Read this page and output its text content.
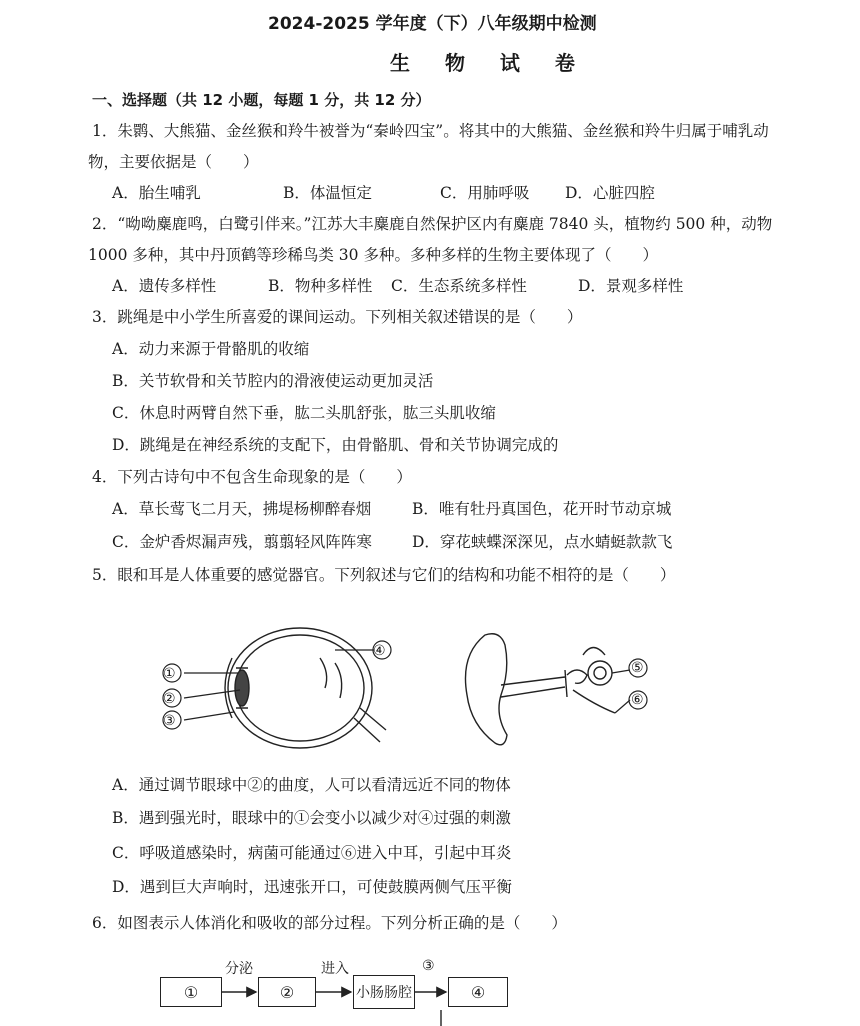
2024-2025 学年度（下）八年级期中检测
生 物 试 卷
一、选择题（共 12 小题，每题 1 分，共 12 分）
1．朱鹮、大熊猫、金丝猴和羚牛被誉为“秦岭四宝”。将其中的大熊猫、金丝猴和羚牛归属于哺乳动
物，主要依据是（　　）
A．胎生哺乳	B．体温恒定	C．用肺呼吸 D．心脏四腔
2．“呦呦麋鹿鸣，白鹭引伴来。”江苏大丰麋鹿自然保护区内有麋鹿 7840 头，植物约 500 种，动物
1000 多种，其中丹顶鹤等珍稀鸟类 30 多种。多种多样的生物主要体现了（　　）
A．遗传多样性	B．物种多样性 C．生态系统多样性	D．景观多样性
3．跳绳是中小学生所喜爱的课间运动。下列相关叙述错误的是（　　）
A．动力来源于骨骼肌的收缩
B．关节软骨和关节腔内的滑液使运动更加灵活
C．休息时两臂自然下垂，肱二头肌舒张，肱三头肌收缩
D．跳绳是在神经系统的支配下，由骨骼肌、骨和关节协调完成的
4．下列古诗句中不包含生命现象的是（　　）
A．草长莺飞二月天，拂堤杨柳醉春烟	B．唯有牡丹真国色，花开时节动京城
C．金炉香烬漏声残，翦翦轻风阵阵寒	D．穿花蛱蝶深深见，点水蜻蜓款款飞
5．眼和耳是人体重要的感觉器官。下列叙述与它们的结构和功能不相符的是（　　）
①
②
③
④
⑤
⑥
A．通过调节眼球中②的曲度，人可以看清远近不同的物体
B．遇到强光时，眼球中的①会变小以减少对④过强的刺激
C．呼吸道感染时，病菌可能通过⑥进入中耳，引起中耳炎
D．遇到巨大声响时，迅速张开口，可使鼓膜两侧气压平衡
6．如图表示人体消化和吸收的部分过程。下列分析正确的是（　　）
①
分泌
②
进入
小肠肠腔
③
④
